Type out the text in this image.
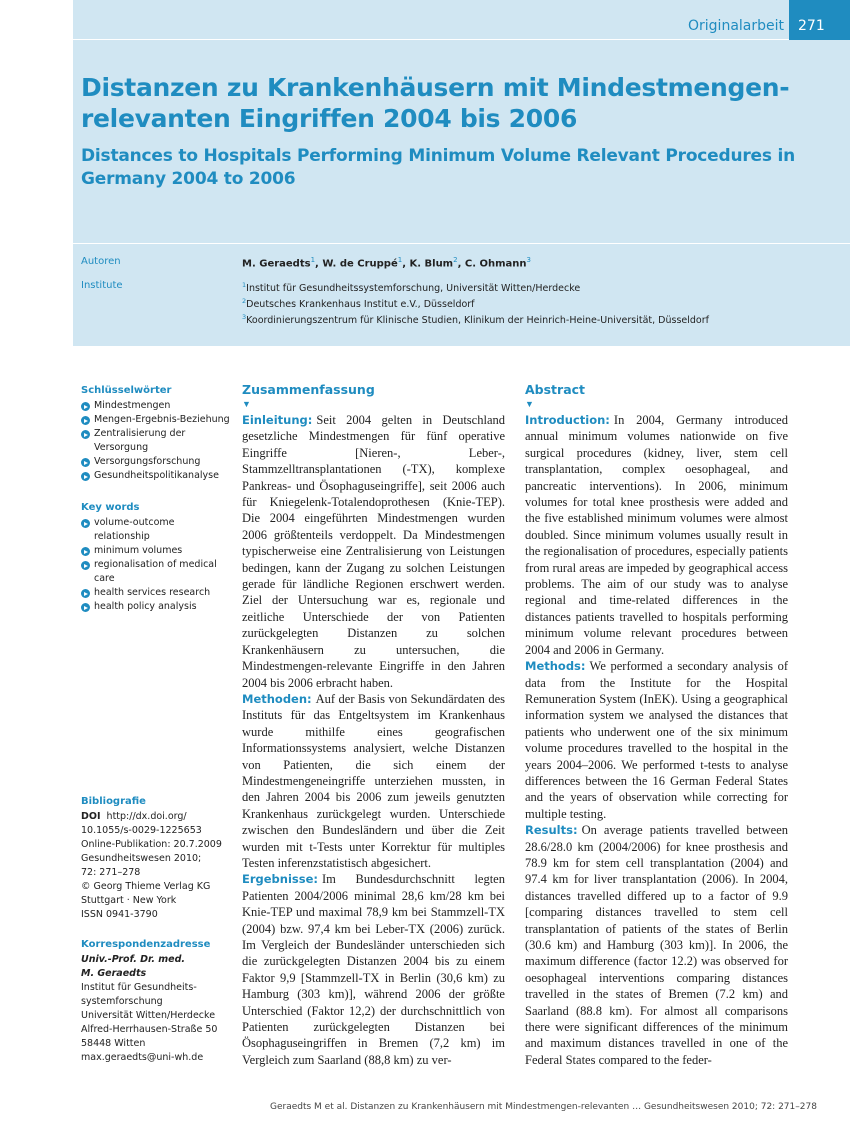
Originalarbeit	271
Distanzen zu Krankenhäusern mit Mindestmengen-relevanten Eingriffen 2004 bis 2006
Distances to Hospitals Performing Minimum Volume Relevant Procedures in Germany 2004 to 2006
Autoren	M. Geraedts$^1$, W. de Cruppé$^1$, K. Blum$^2$, C. Ohmann$^3$
Institute	$^1$Institut für Gesundheitssystemforschung, Universität Witten/Herdecke
$^2$Deutsches Krankenhaus Institut e.V., Düsseldorf
$^3$Koordinierungszentrum für Klinische Studien, Klinikum der Heinrich-Heine-Universität, Düsseldorf
Schlüsselwörter
Mindestmengen
Mengen-Ergebnis-Beziehung
Zentralisierung der Versorgung
Versorgungsforschung
Gesundheitspolitikanalyse
Key words
volume-outcome relationship
minimum volumes
regionalisation of medical care
health services research
health policy analysis
Bibliografie
DOI http://dx.doi.org/
10.1055/s-0029-1225653
Online-Publikation: 20.7.2009
Gesundheitswesen 2010;
72: 271–278
© Georg Thieme Verlag KG
Stuttgart · New York
ISSN 0941-3790
Korrespondenzadresse
Univ.-Prof. Dr. med.
M. Geraedts
Institut für Gesundheits-
systemforschung
Universität Witten/Herdecke
Alfred-Herrhausen-Straße 50
58448 Witten
max.geraedts@uni-wh.de
Zusammenfassung
▼

Einleitung: Seit 2004 gelten in Deutschland gesetzliche Mindestmengen für fünf operative Eingriffe [Nieren-, Leber-, Stammzelltransplantationen (-TX), komplexe Pankreas- und Ösophaguseingriffe], seit 2006 auch für Kniegelenk-Totalendoprothesen (Knie-TEP). Die 2004 eingeführten Mindestmengen wurden 2006 größtenteils verdoppelt. Da Mindestmengen typischerweise eine Zentralisierung von Leistungen bedingen, kann der Zugang zu solchen Leistungen gerade für ländliche Regionen erschwert werden. Ziel der Untersuchung war es, regionale und zeitliche Unterschiede der von Patienten zurückgelegten Distanzen zu solchen Krankenhäusern zu untersuchen, die Mindestmengen-relevante Eingriffe in den Jahren 2004 bis 2006 erbracht haben.

Methoden: Auf der Basis von Sekundärdaten des Instituts für das Entgeltsystem im Krankenhaus wurde mithilfe eines geografischen Informationssystems analysiert, welche Distanzen von Patienten, die sich einem der Mindestmengeneingriffe unterziehen mussten, in den Jahren 2004 bis 2006 zum jeweils genutzten Krankenhaus zurückgelegt wurden. Unterschiede zwischen den Bundesländern und über die Zeit wurden mit t-Tests unter Korrektur für multiples Testen inferenzstatistisch abgesichert.

Ergebnisse: Im Bundesdurchschnitt legten Patienten 2004/2006 minimal 28,6 km/28 km bei Knie-TEP und maximal 78,9 km bei Stammzell-TX (2004) bzw. 97,4 km bei Leber-TX (2006) zurück. Im Vergleich der Bundesländer unterschieden sich die zurückgelegten Distanzen 2004 bis zu einem Faktor 9,9 [Stammzell-TX in Berlin (30,6 km) zu Hamburg (303 km)], während 2006 der größte Unterschied (Faktor 12,2) der durchschnittlich von Patienten zurückgelegten Distanzen bei Ösophaguseingriffen in Bremen (7,2 km) im Vergleich zum Saarland (88,8 km) zu ver-

Abstract
▼

Introduction: In 2004, Germany introduced annual minimum volumes nationwide on five surgical procedures (kidney, liver, stem cell transplantation, complex oesophageal, and pancreatic interventions). In 2006, minimum volumes for total knee prosthesis were added and the five established minimum volumes were almost doubled. Since minimum volumes usually result in the regionalisation of procedures, especially patients from rural areas are impeded by geographical access problems. The aim of our study was to analyse regional and time-related differences in the distances patients travelled to hospitals performing minimum volume relevant procedures between 2004 and 2006 in Germany.

Methods: We performed a secondary analysis of data from the Institute for the Hospital Remuneration System (InEK). Using a geographical information system we analysed the distances that patients who underwent one of the six minimum volume procedures travelled to the hospital in the years 2004–2006. We performed t-tests to analyse differences between the 16 German Federal States and the years of observation while correcting for multiple testing.

Results: On average patients travelled between 28.6/28.0 km (2004/2006) for knee prosthesis and 78.9 km for stem cell transplantation (2004) and 97.4 km for liver transplantation (2006). In 2004, distances travelled differed up to a factor of 9.9 [comparing distances travelled to stem cell transplantation of patients of the states of Berlin (30.6 km) and Hamburg (303 km)]. In 2006, the maximum difference (factor 12.2) was observed for oesophageal interventions comparing distances travelled in the states of Bremen (7.2 km) and Saarland (88.8 km). For almost all comparisons there were significant differences of the minimum and maximum distances travelled in one of the Federal States compared to the feder-

Geraedts M et al. Distanzen zu Krankenhäusern mit Mindestmengen-relevanten … Gesundheitswesen 2010; 72: 271–278
